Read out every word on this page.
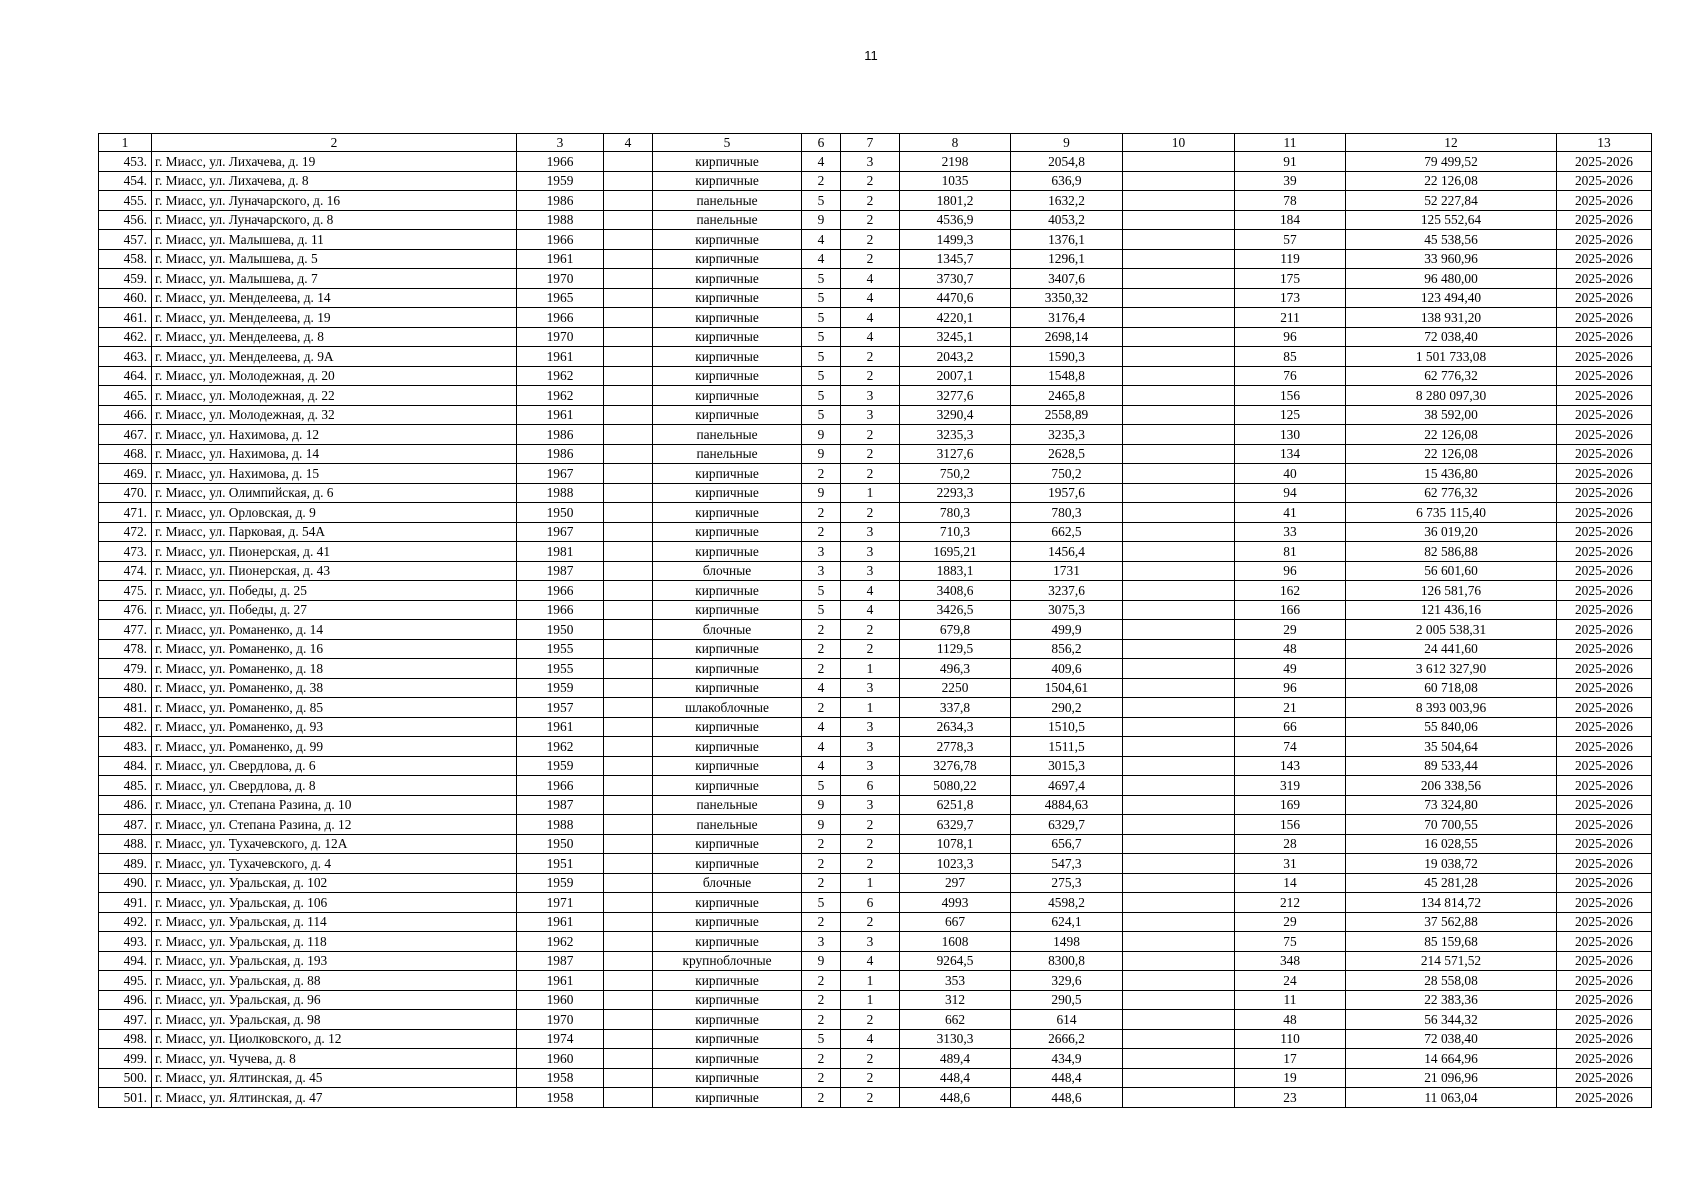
11
1	2	3	4	5	6	7	8	9	10	11	12	13
453.	г. Миасс, ул. Лихачева, д. 19	1966		кирпичные	4	3	2198	2054,8		91	79 499,52	2025-2026
454.	г. Миасс, ул. Лихачева, д. 8	1959		кирпичные	2	2	1035	636,9		39	22 126,08	2025-2026
455.	г. Миасс, ул. Луначарского, д. 16	1986		панельные	5	2	1801,2	1632,2		78	52 227,84	2025-2026
456.	г. Миасс, ул. Луначарского, д. 8	1988		панельные	9	2	4536,9	4053,2		184	125 552,64	2025-2026
457.	г. Миасс, ул. Малышева, д. 11	1966		кирпичные	4	2	1499,3	1376,1		57	45 538,56	2025-2026
458.	г. Миасс, ул. Малышева, д. 5	1961		кирпичные	4	2	1345,7	1296,1		119	33 960,96	2025-2026
459.	г. Миасс, ул. Малышева, д. 7	1970		кирпичные	5	4	3730,7	3407,6		175	96 480,00	2025-2026
460.	г. Миасс, ул. Менделеева, д. 14	1965		кирпичные	5	4	4470,6	3350,32		173	123 494,40	2025-2026
461.	г. Миасс, ул. Менделеева, д. 19	1966		кирпичные	5	4	4220,1	3176,4		211	138 931,20	2025-2026
462.	г. Миасс, ул. Менделеева, д. 8	1970		кирпичные	5	4	3245,1	2698,14		96	72 038,40	2025-2026
463.	г. Миасс, ул. Менделеева, д. 9А	1961		кирпичные	5	2	2043,2	1590,3		85	1 501 733,08	2025-2026
464.	г. Миасс, ул. Молодежная, д. 20	1962		кирпичные	5	2	2007,1	1548,8		76	62 776,32	2025-2026
465.	г. Миасс, ул. Молодежная, д. 22	1962		кирпичные	5	3	3277,6	2465,8		156	8 280 097,30	2025-2026
466.	г. Миасс, ул. Молодежная, д. 32	1961		кирпичные	5	3	3290,4	2558,89		125	38 592,00	2025-2026
467.	г. Миасс, ул. Нахимова, д. 12	1986		панельные	9	2	3235,3	3235,3		130	22 126,08	2025-2026
468.	г. Миасс, ул. Нахимова, д. 14	1986		панельные	9	2	3127,6	2628,5		134	22 126,08	2025-2026
469.	г. Миасс, ул. Нахимова, д. 15	1967		кирпичные	2	2	750,2	750,2		40	15 436,80	2025-2026
470.	г. Миасс, ул. Олимпийская, д. 6	1988		кирпичные	9	1	2293,3	1957,6		94	62 776,32	2025-2026
471.	г. Миасс, ул. Орловская, д. 9	1950		кирпичные	2	2	780,3	780,3		41	6 735 115,40	2025-2026
472.	г. Миасс, ул. Парковая, д. 54А	1967		кирпичные	2	3	710,3	662,5		33	36 019,20	2025-2026
473.	г. Миасс, ул. Пионерская, д. 41	1981		кирпичные	3	3	1695,21	1456,4		81	82 586,88	2025-2026
474.	г. Миасс, ул. Пионерская, д. 43	1987		блочные	3	3	1883,1	1731		96	56 601,60	2025-2026
475.	г. Миасс, ул. Победы, д. 25	1966		кирпичные	5	4	3408,6	3237,6		162	126 581,76	2025-2026
476.	г. Миасс, ул. Победы, д. 27	1966		кирпичные	5	4	3426,5	3075,3		166	121 436,16	2025-2026
477.	г. Миасс, ул. Романенко, д. 14	1950		блочные	2	2	679,8	499,9		29	2 005 538,31	2025-2026
478.	г. Миасс, ул. Романенко, д. 16	1955		кирпичные	2	2	1129,5	856,2		48	24 441,60	2025-2026
479.	г. Миасс, ул. Романенко, д. 18	1955		кирпичные	2	1	496,3	409,6		49	3 612 327,90	2025-2026
480.	г. Миасс, ул. Романенко, д. 38	1959		кирпичные	4	3	2250	1504,61		96	60 718,08	2025-2026
481.	г. Миасс, ул. Романенко, д. 85	1957		шлакоблочные	2	1	337,8	290,2		21	8 393 003,96	2025-2026
482.	г. Миасс, ул. Романенко, д. 93	1961		кирпичные	4	3	2634,3	1510,5		66	55 840,06	2025-2026
483.	г. Миасс, ул. Романенко, д. 99	1962		кирпичные	4	3	2778,3	1511,5		74	35 504,64	2025-2026
484.	г. Миасс, ул. Свердлова, д. 6	1959		кирпичные	4	3	3276,78	3015,3		143	89 533,44	2025-2026
485.	г. Миасс, ул. Свердлова, д. 8	1966		кирпичные	5	6	5080,22	4697,4		319	206 338,56	2025-2026
486.	г. Миасс, ул. Степана Разина, д. 10	1987		панельные	9	3	6251,8	4884,63		169	73 324,80	2025-2026
487.	г. Миасс, ул. Степана Разина, д. 12	1988		панельные	9	2	6329,7	6329,7		156	70 700,55	2025-2026
488.	г. Миасс, ул. Тухачевского, д. 12А	1950		кирпичные	2	2	1078,1	656,7		28	16 028,55	2025-2026
489.	г. Миасс, ул. Тухачевского, д. 4	1951		кирпичные	2	2	1023,3	547,3		31	19 038,72	2025-2026
490.	г. Миасс, ул. Уральская, д. 102	1959		блочные	2	1	297	275,3		14	45 281,28	2025-2026
491.	г. Миасс, ул. Уральская, д. 106	1971		кирпичные	5	6	4993	4598,2		212	134 814,72	2025-2026
492.	г. Миасс, ул. Уральская, д. 114	1961		кирпичные	2	2	667	624,1		29	37 562,88	2025-2026
493.	г. Миасс, ул. Уральская, д. 118	1962		кирпичные	3	3	1608	1498		75	85 159,68	2025-2026
494.	г. Миасс, ул. Уральская, д. 193	1987		крупноблочные	9	4	9264,5	8300,8		348	214 571,52	2025-2026
495.	г. Миасс, ул. Уральская, д. 88	1961		кирпичные	2	1	353	329,6		24	28 558,08	2025-2026
496.	г. Миасс, ул. Уральская, д. 96	1960		кирпичные	2	1	312	290,5		11	22 383,36	2025-2026
497.	г. Миасс, ул. Уральская, д. 98	1970		кирпичные	2	2	662	614		48	56 344,32	2025-2026
498.	г. Миасс, ул. Циолковского, д. 12	1974		кирпичные	5	4	3130,3	2666,2		110	72 038,40	2025-2026
499.	г. Миасс, ул. Чучева, д. 8	1960		кирпичные	2	2	489,4	434,9		17	14 664,96	2025-2026
500.	г. Миасс, ул. Ялтинская, д. 45	1958		кирпичные	2	2	448,4	448,4		19	21 096,96	2025-2026
501.	г. Миасс, ул. Ялтинская, д. 47	1958		кирпичные	2	2	448,6	448,6		23	11 063,04	2025-2026
